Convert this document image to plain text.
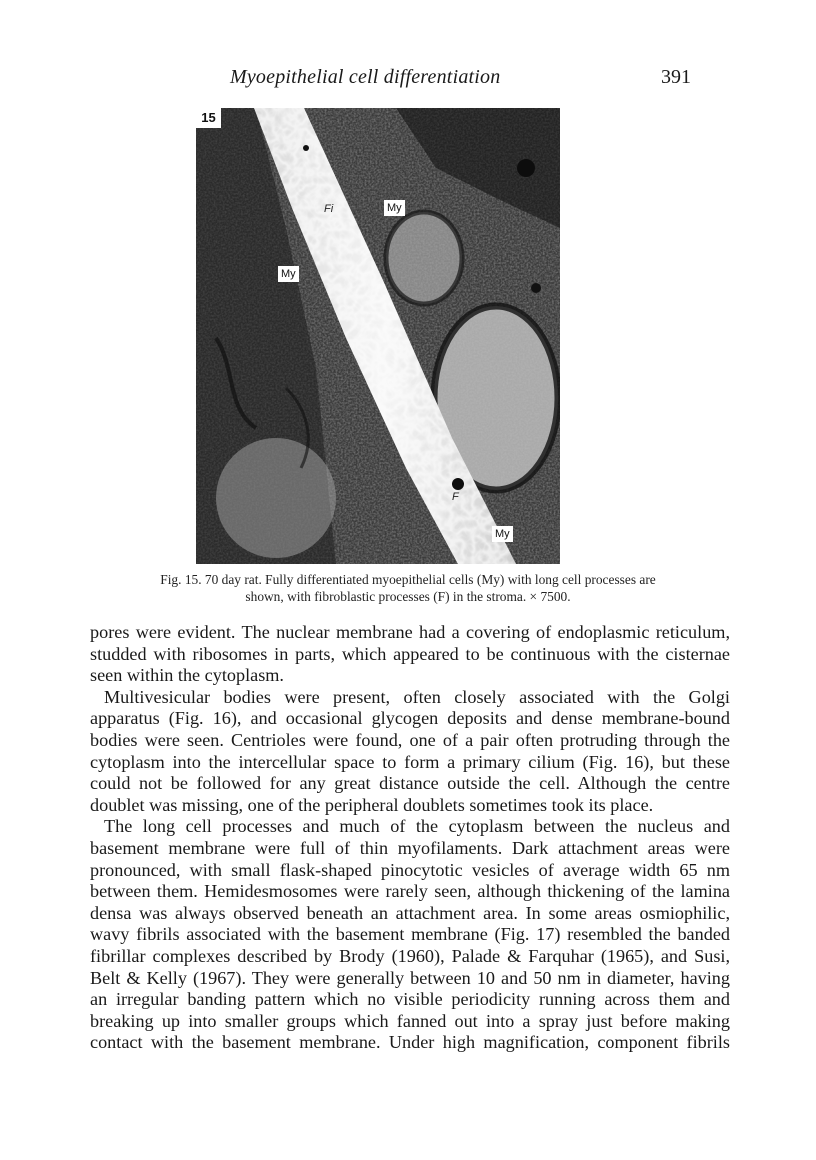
Myoepithelial cell differentiation	391
15
Fi	My
My
F
My
Fig. 15. 70 day rat. Fully differentiated myoepithelial cells (My) with long cell processes are
shown, with fibroblastic processes (F) in the stroma. × 7500.
pores were evident. The nuclear membrane had a covering of endoplasmic reticulum,
studded with ribosomes in parts, which appeared to be continuous with the cisternae
seen within the cytoplasm.
Multivesicular bodies were present, often closely associated with the Golgi
apparatus (Fig. 16), and occasional glycogen deposits and dense membrane-bound
bodies were seen. Centrioles were found, one of a pair often protruding through the
cytoplasm into the intercellular space to form a primary cilium (Fig. 16), but these
could not be followed for any great distance outside the cell. Although the centre
doublet was missing, one of the peripheral doublets sometimes took its place.
The long cell processes and much of the cytoplasm between the nucleus and
basement membrane were full of thin myofilaments. Dark attachment areas were
pronounced, with small flask-shaped pinocytotic vesicles of average width 65 nm
between them. Hemidesmosomes were rarely seen, although thickening of the lamina
densa was always observed beneath an attachment area. In some areas osmiophilic,
wavy fibrils associated with the basement membrane (Fig. 17) resembled the banded
fibrillar complexes described by Brody (1960), Palade & Farquhar (1965), and Susi,
Belt & Kelly (1967). They were generally between 10 and 50 nm in diameter, having
an irregular banding pattern which no visible periodicity running across them and
breaking up into smaller groups which fanned out into a spray just before making
contact with the basement membrane. Under high magnification, component fibrils
